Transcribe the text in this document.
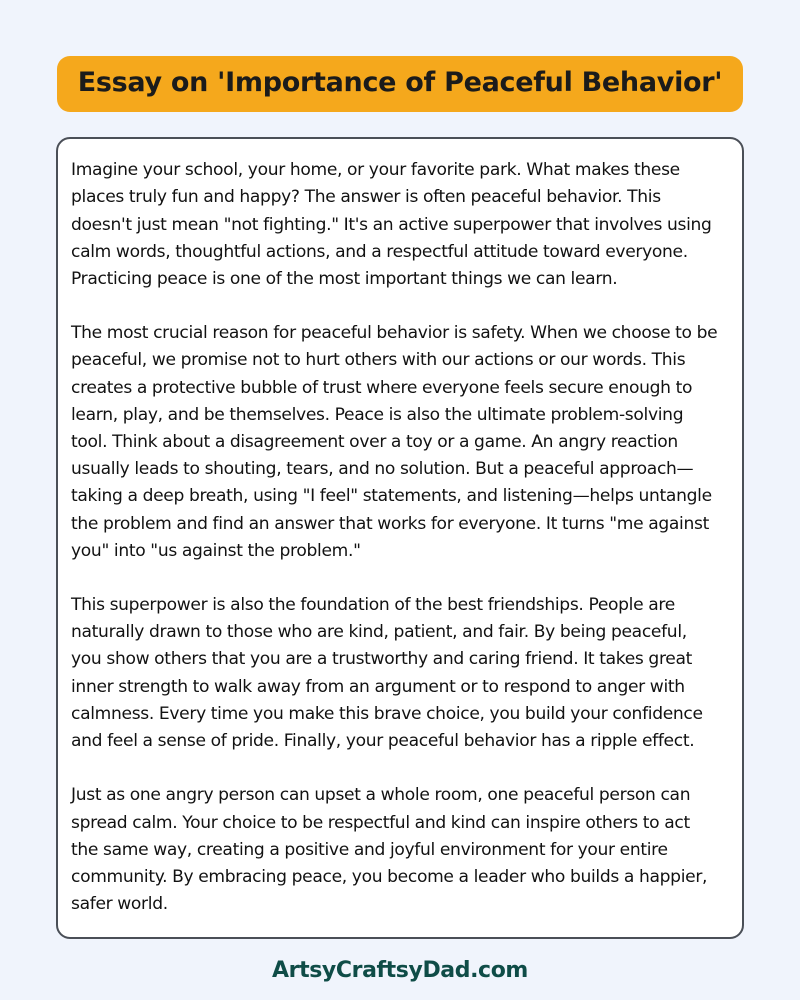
Essay on 'Importance of Peaceful Behavior'

Imagine your school, your home, or your favorite park. What makes these places truly fun and happy? The answer is often peaceful behavior. This doesn't just mean "not fighting." It's an active superpower that involves using calm words, thoughtful actions, and a respectful attitude toward everyone. Practicing peace is one of the most important things we can learn.

The most crucial reason for peaceful behavior is safety. When we choose to be peaceful, we promise not to hurt others with our actions or our words. This creates a protective bubble of trust where everyone feels secure enough to learn, play, and be themselves. Peace is also the ultimate problem-solving tool. Think about a disagreement over a toy or a game. An angry reaction usually leads to shouting, tears, and no solution. But a peaceful approach—taking a deep breath, using "I feel" statements, and listening—helps untangle the problem and find an answer that works for everyone. It turns "me against you" into "us against the problem."

This superpower is also the foundation of the best friendships. People are naturally drawn to those who are kind, patient, and fair. By being peaceful, you show others that you are a trustworthy and caring friend. It takes great inner strength to walk away from an argument or to respond to anger with calmness. Every time you make this brave choice, you build your confidence and feel a sense of pride. Finally, your peaceful behavior has a ripple effect.

Just as one angry person can upset a whole room, one peaceful person can spread calm. Your choice to be respectful and kind can inspire others to act the same way, creating a positive and joyful environment for your entire community. By embracing peace, you become a leader who builds a happier, safer world.

ArtsyCraftsyDad.com
